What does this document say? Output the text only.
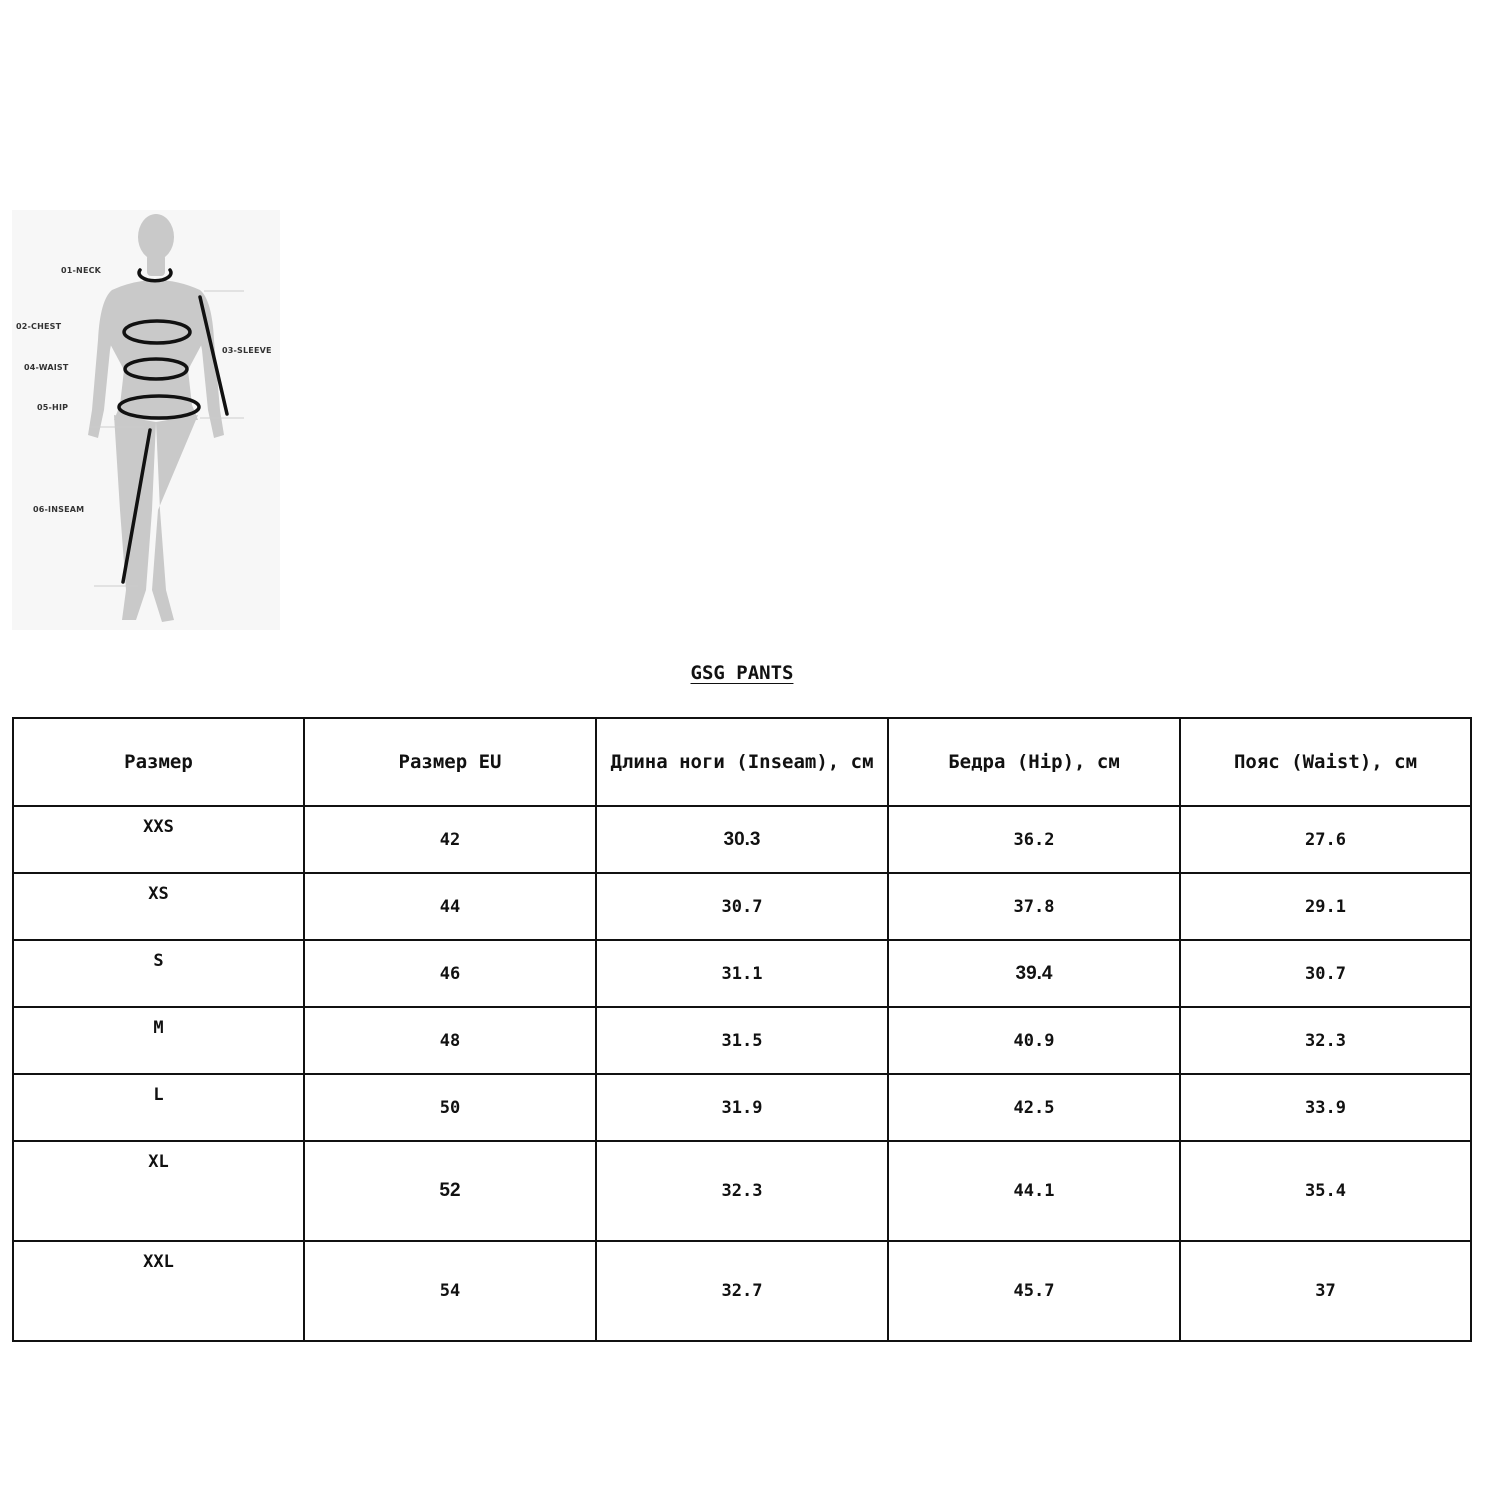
01-NECK
02-CHEST
03-SLEEVE
04-WAIST
05-HIP
06-INSEAM
GSG PANTS
Размер	Размер EU	Длина ноги (Inseam), см	Бедра (Hip), см	Пояс (Waist), см
XXS	42	30.3	36.2	27.6
XS	44	30.7	37.8	29.1
S	46	31.1	39.4	30.7
M	48	31.5	40.9	32.3
L	50	31.9	42.5	33.9
XL	52	32.3	44.1	35.4
XXL	54	32.7	45.7	37
